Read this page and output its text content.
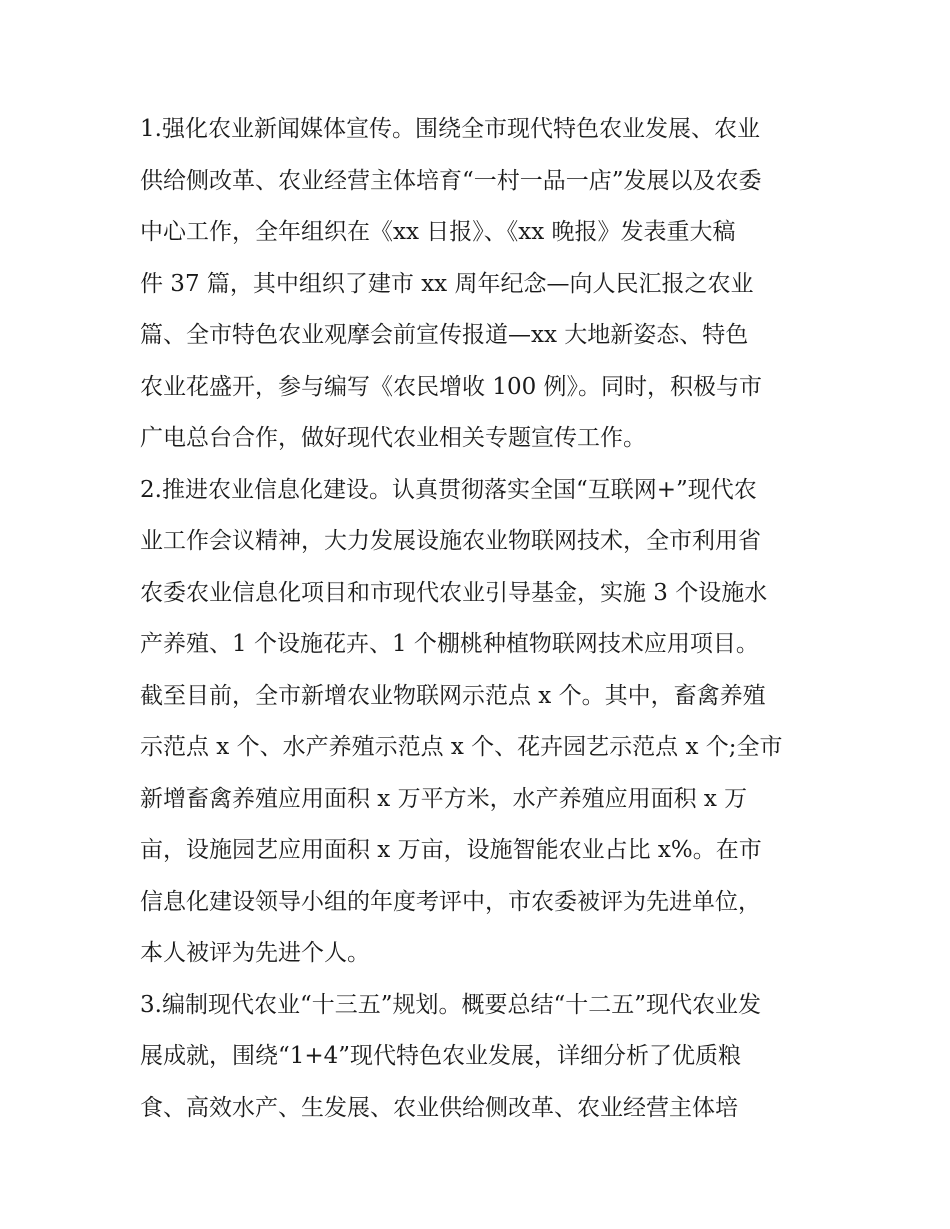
1.强化农业新闻媒体宣传。围绕全市现代特色农业发展、农业
供给侧改革、农业经营主体培育“一村一品一店”发展以及农委
中心工作，全年组织在《xx 日报》、《xx 晚报》发表重大稿
件 37 篇，其中组织了建市 xx 周年纪念—向人民汇报之农业
篇、全市特色农业观摩会前宣传报道—xx 大地新姿态、特色
农业花盛开，参与编写《农民增收 100 例》。同时，积极与市
广电总台合作，做好现代农业相关专题宣传工作。
2.推进农业信息化建设。认真贯彻落实全国“互联网+”现代农
业工作会议精神，大力发展设施农业物联网技术，全市利用省
农委农业信息化项目和市现代农业引导基金，实施 3 个设施水
产养殖、1 个设施花卉、1 个棚桃种植物联网技术应用项目。
截至目前，全市新增农业物联网示范点 x 个。其中，畜禽养殖
示范点 x 个、水产养殖示范点 x 个、花卉园艺示范点 x 个;全市
新增畜禽养殖应用面积 x 万平方米，水产养殖应用面积 x 万
亩，设施园艺应用面积 x 万亩，设施智能农业占比 x%。在市
信息化建设领导小组的年度考评中，市农委被评为先进单位，
本人被评为先进个人。
3.编制现代农业“十三五”规划。概要总结“十二五”现代农业发
展成就，围绕“1+4”现代特色农业发展，详细分析了优质粮
食、高效水产、生发展、农业供给侧改革、农业经营主体培
